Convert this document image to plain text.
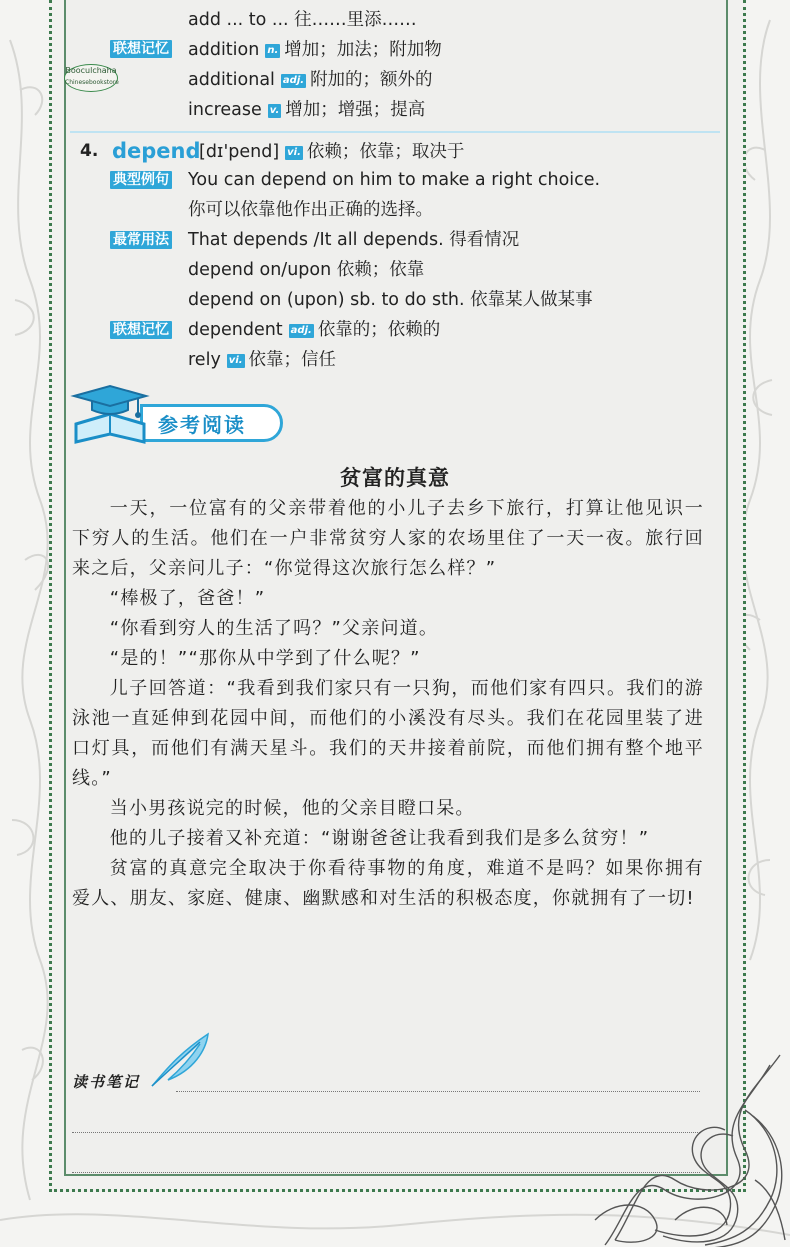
Booculchaha
Chinesebookstore
add ... to ... 往……里添……
联想记忆 addition n. 增加；加法；附加物
additional adj. 附加的；额外的
increase v. 增加；增强；提高
4. depend
[dɪ'pend] vi. 依赖；依靠；取决于
典型例句 You can depend on him to make a right choice.
你可以依靠他作出正确的选择。
最常用法 That depends /It all depends. 得看情况
depend on/upon 依赖；依靠
depend on (upon) sb. to do sth. 依靠某人做某事
联想记忆 dependent adj. 依靠的；依赖的
rely vi. 依靠；信任
参考阅读
贫富的真意

一天，一位富有的父亲带着他的小儿子去乡下旅行，打算让他见识一下穷人的生活。他们在一户非常贫穷人家的农场里住了一天一夜。旅行回来之后，父亲问儿子：“你觉得这次旅行怎么样？”

“棒极了，爸爸！”

“你看到穷人的生活了吗？”父亲问道。

“是的！”“那你从中学到了什么呢？”

儿子回答道：“我看到我们家只有一只狗，而他们家有四只。我们的游泳池一直延伸到花园中间，而他们的小溪没有尽头。我们在花园里装了进口灯具，而他们有满天星斗。我们的天井接着前院，而他们拥有整个地平线。”

当小男孩说完的时候，他的父亲目瞪口呆。

他的儿子接着又补充道：“谢谢爸爸让我看到我们是多么贫穷！”

贫富的真意完全取决于你看待事物的角度，难道不是吗？如果你拥有爱人、朋友、家庭、健康、幽默感和对生活的积极态度，你就拥有了一切!

读书笔记
